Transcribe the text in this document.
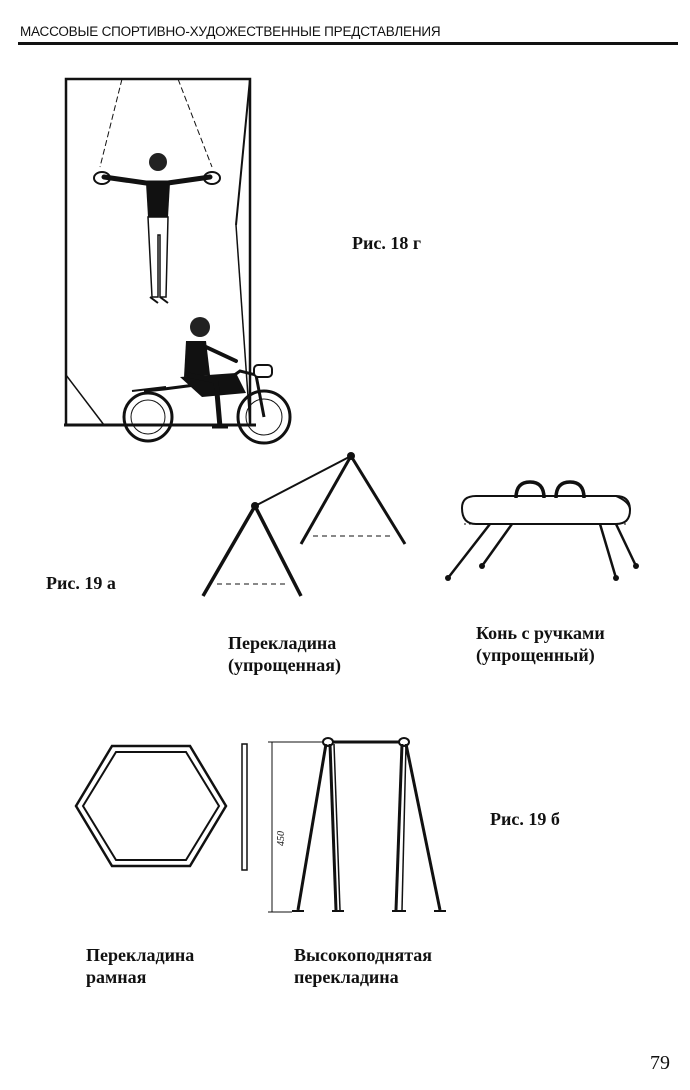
МАССОВЫЕ СПОРТИВНО-ХУДОЖЕСТВЕННЫЕ ПРЕДСТАВЛЕНИЯ
Рис. 18 г
Рис. 19 а
Перекладина
(упрощенная)
Конь с ручками
(упрощенный)
Перекладина
рамная
450
Высокоподнятая
перекладина
Рис. 19 б
79
